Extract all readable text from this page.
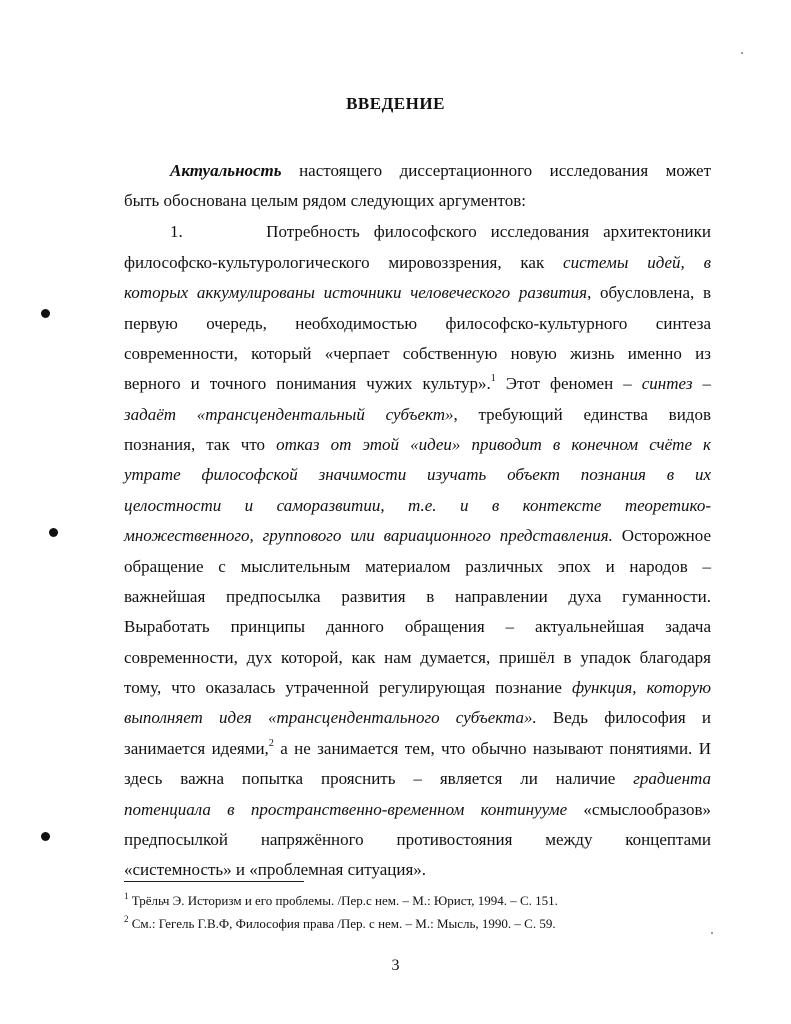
ВВЕДЕНИЕ
Актуальность настоящего диссертационного исследования может
быть обоснована целым рядом следующих аргументов:
1.	Потребность философского исследования архитектоники
философско-культурологического мировоззрения, как системы идей, в
которых аккумулированы источники человеческого развития, обусловлена, в
первую очередь, необходимостью философско-культурного синтеза
современности, который «черпает собственную новую жизнь именно из
верного и точного понимания чужих культур».$^1$ Этот феномен – синтез –
задаёт «трансцендентальный субъект», требующий единства видов
познания, так что отказ от этой «идеи» приводит в конечном счёте к
утрате философской значимости изучать объект познания в их
целостности и саморазвитии, т.е. и в контексте теоретико-
множественного, группового или вариационного представления. Осторожное
обращение с мыслительным материалом различных эпох и народов –
важнейшая предпосылка развития в направлении духа гуманности.
Выработать принципы данного обращения – актуальнейшая задача
современности, дух которой, как нам думается, пришёл в упадок благодаря
тому, что оказалась утраченной регулирующая познание функция, которую
выполняет идея «трансцендентального субъекта». Ведь философия и
занимается идеями,$^2$ а не занимается тем, что обычно называют понятиями. И
здесь важна попытка прояснить – является ли наличие градиента
потенциала в пространственно-временном континууме «смыслообразов»
предпосылкой напряжённого противостояния между концептами
«системность» и «проблемная ситуация».
$^1$ Трёльч Э. Историзм и его проблемы. /Пер.с нем. – М.: Юрист, 1994. – С. 151.
$^2$ См.: Гегель Г.В.Ф, Философия права /Пер. с нем. – М.: Мысль, 1990. – С. 59.
3
